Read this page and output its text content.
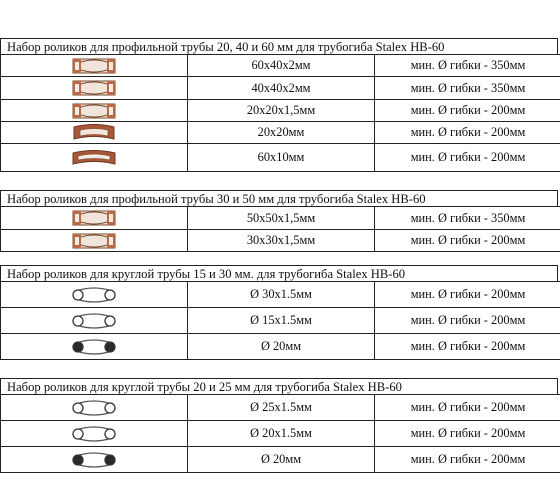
Набор роликов для профильной трубы 20, 40 и 60 мм для трубогиба Stalex HB-60
	60x40x2мм	мин. Ø гибки - 350мм

	40x40x2мм	мин. Ø гибки - 350мм

	20x20x1,5мм	мин. Ø гибки - 200мм

	20x20мм	мин. Ø гибки - 200мм

	60x10мм	мин. Ø гибки - 200мм
Набор роликов для профильной трубы 30 и 50 мм для трубогиба Stalex HB-60
	50x50x1,5мм	мин. Ø гибки - 350мм

	30x30x1,5мм	мин. Ø гибки - 200мм
Набор роликов для круглой трубы 15 и 30 мм. для трубогиба Stalex HB-60
	Ø 30x1.5мм	мин. Ø гибки - 200мм

	Ø 15x1.5мм	мин. Ø гибки - 200мм

	Ø 20мм	мин. Ø гибки - 200мм
Набор роликов для круглой трубы 20 и 25 мм для трубогиба Stalex HB-60
	Ø 25x1.5мм	мин. Ø гибки - 200мм

	Ø 20x1.5мм	мин. Ø гибки - 200мм

	Ø 20мм	мин. Ø гибки - 200мм
